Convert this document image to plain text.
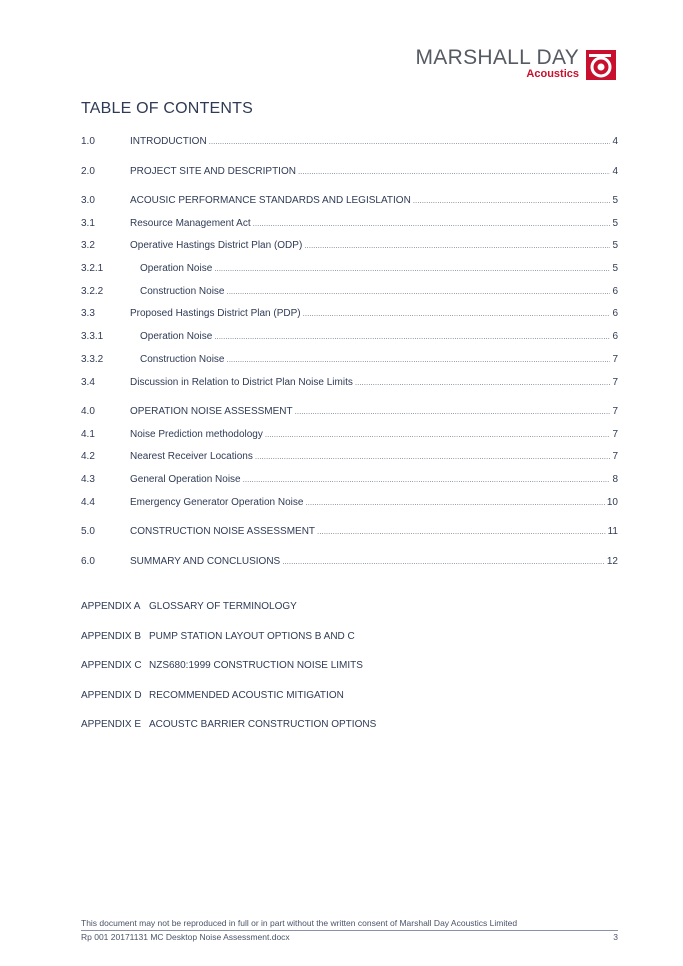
MARSHALL DAY
Acoustics
TABLE OF CONTENTS
1.0	INTRODUCTION .....	4
2.0	PROJECT SITE AND DESCRIPTION .....	4
3.0	ACOUSIC PERFORMANCE STANDARDS AND LEGISLATION .....	5
3.1	Resource Management Act .....	5
3.2	Operative Hastings District Plan (ODP) .....	5
3.2.1	Operation Noise .....	5
3.2.2	Construction Noise .....	6
3.3	Proposed Hastings District Plan (PDP) .....	6
3.3.1	Operation Noise .....	6
3.3.2	Construction Noise .....	7
3.4	Discussion in Relation to District Plan Noise Limits .....	7
4.0	OPERATION NOISE ASSESSMENT .....	7
4.1	Noise Prediction methodology .....	7
4.2	Nearest Receiver Locations .....	7
4.3	General Operation Noise .....	8
4.4	Emergency Generator Operation Noise .....	10
5.0	CONSTRUCTION NOISE ASSESSMENT .....	11
6.0	SUMMARY AND CONCLUSIONS .....	12
APPENDIX A GLOSSARY OF TERMINOLOGY
APPENDIX B PUMP STATION LAYOUT OPTIONS B AND C
APPENDIX C NZS680:1999 CONSTRUCTION NOISE LIMITS
APPENDIX D RECOMMENDED ACOUSTIC MITIGATION
APPENDIX E ACOUSTC BARRIER CONSTRUCTION OPTIONS
This document may not be reproduced in full or in part without the written consent of Marshall Day Acoustics Limited
Rp 001 20171131 MC Desktop Noise Assessment.docx	3
